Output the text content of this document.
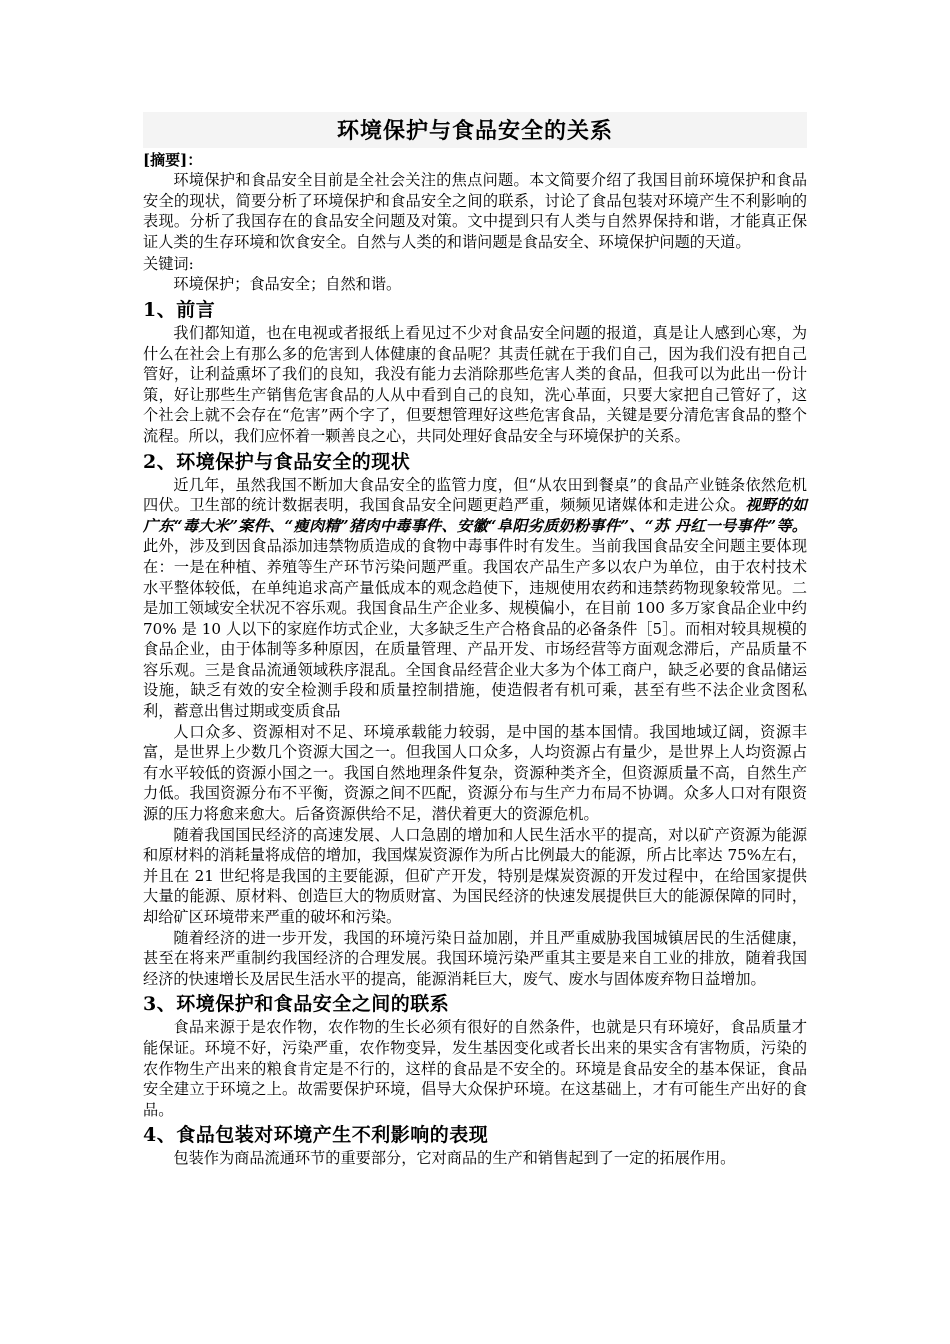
环境保护与食品安全的关系
[摘要]：

环境保护和食品安全目前是全社会关注的焦点问题。本文简要介绍了我国目前环境保护和食品安全的现状，简要分析了环境保护和食品安全之间的联系，讨论了食品包装对环境产生不利影响的表现。分析了我国存在的食品安全问题及对策。文中提到只有人类与自然界保持和谐，才能真正保证人类的生存环境和饮食安全。自然与人类的和谐问题是食品安全、环境保护问题的天道。

关键词:

环境保护；食品安全；自然和谐。

1、前言

我们都知道，也在电视或者报纸上看见过不少对食品安全问题的报道，真是让人感到心寒，为什么在社会上有那么多的危害到人体健康的食品呢？其责任就在于我们自己，因为我们没有把自己管好，让利益熏坏了我们的良知，我没有能力去消除那些危害人类的食品，但我可以为此出一份计策，好让那些生产销售危害食品的人从中看到自己的良知，洗心革面，只要大家把自己管好了，这个社会上就不会存在“危害”两个字了，但要想管理好这些危害食品，关键是要分清危害食品的整个流程。所以，我们应怀着一颗善良之心，共同处理好食品安全与环境保护的关系。

2、环境保护与食品安全的现状

近几年，虽然我国不断加大食品安全的监管力度，但“从农田到餐桌”的食品产业链条依然危机四伏。卫生部的统计数据表明，我国食品安全问题更趋严重，频频见诸媒体和走进公众。视野的如广东“毒大米”案件、“瘦肉精”猪肉中毒事件、安徽“阜阳劣质奶粉事件”、“苏 丹红一号事件”等。此外，涉及到因食品添加违禁物质造成的食物中毒事件时有发生。当前我国食品安全问题主要体现在：一是在种植、养殖等生产环节污染问题严重。我国农产品生产多以农户为单位，由于农村技术水平整体较低，在单纯追求高产量低成本的观念趋使下，违规使用农药和违禁药物现象较常见。二是加工领域安全状况不容乐观。我国食品生产企业多、规模偏小，在目前 100 多万家食品企业中约 70% 是 10 人以下的家庭作坊式企业，大多缺乏生产合格食品的必备条件［5］。而相对较具规模的食品企业，由于体制等多种原因，在质量管理、产品开发、市场经营等方面观念滞后，产品质量不容乐观。三是食品流通领域秩序混乱。全国食品经营企业大多为个体工商户，缺乏必要的食品储运设施，缺乏有效的安全检测手段和质量控制措施，使造假者有机可乘，甚至有些不法企业贪图私利，蓄意出售过期或变质食品

人口众多、资源相对不足、环境承载能力较弱，是中国的基本国情。我国地域辽阔，资源丰富，是世界上少数几个资源大国之一。但我国人口众多，人均资源占有量少，是世界上人均资源占有水平较低的资源小国之一。我国自然地理条件复杂，资源种类齐全，但资源质量不高，自然生产力低。我国资源分布不平衡，资源之间不匹配，资源分布与生产力布局不协调。众多人口对有限资源的压力将愈来愈大。后备资源供给不足，潜伏着更大的资源危机。

随着我国国民经济的高速发展、人口急剧的增加和人民生活水平的提高，对以矿产资源为能源和原材料的消耗量将成倍的增加，我国煤炭资源作为所占比例最大的能源，所占比率达 75%左右，并且在 21 世纪将是我国的主要能源，但矿产开发，特别是煤炭资源的开发过程中，在给国家提供大量的能源、原材料、创造巨大的物质财富、为国民经济的快速发展提供巨大的能源保障的同时，却给矿区环境带来严重的破坏和污染。

随着经济的进一步开发，我国的环境污染日益加剧，并且严重威胁我国城镇居民的生活健康，甚至在将来严重制约我国经济的合理发展。我国环境污染严重其主要是来自工业的排放，随着我国经济的快速增长及居民生活水平的提高，能源消耗巨大，废气、废水与固体废弃物日益增加。

3、环境保护和食品安全之间的联系

食品来源于是农作物，农作物的生长必须有很好的自然条件，也就是只有环境好，食品质量才能保证。环境不好，污染严重，农作物变异，发生基因变化或者长出来的果实含有害物质，污染的农作物生产出来的粮食肯定是不行的，这样的食品是不安全的。环境是食品安全的基本保证，食品安全建立于环境之上。故需要保护环境，倡导大众保护环境。在这基础上，才有可能生产出好的食品。

4、食品包装对环境产生不利影响的表现

包装作为商品流通环节的重要部分，它对商品的生产和销售起到了一定的拓展作用。
